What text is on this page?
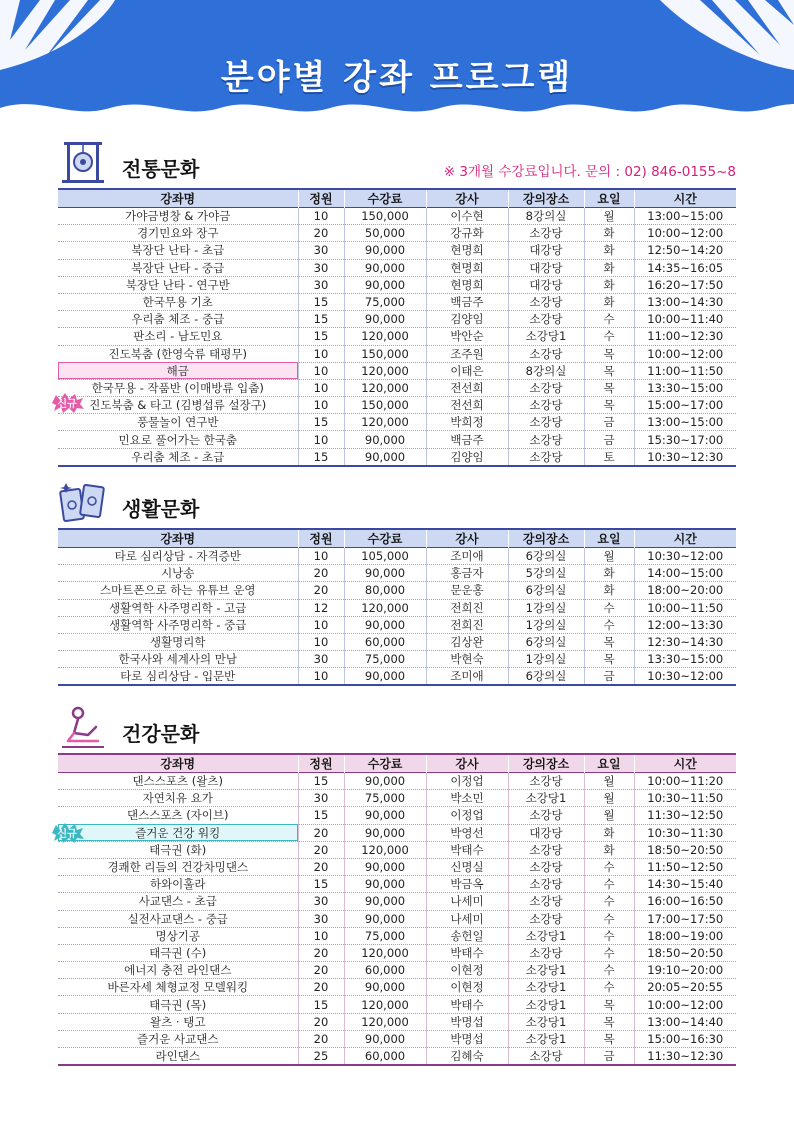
분야별 강좌 프로그램
전통문화	※ 3개월 수강료입니다. 문의 : 02) 846-0155~8
강좌명	정원	수강료	강사	강의장소	요일	시간
가야금병창 & 가야금	10	150,000	이수현	8강의실	월	13:00~15:00
경기민요와 장구	20	50,000	강규화	소강당	화	10:00~12:00
북장단 난타 - 초급	30	90,000	현명희	대강당	화	12:50~14:20
북장단 난타 - 중급	30	90,000	현명희	대강당	화	14:35~16:05
북장단 난타 - 연구반	30	90,000	현명희	대강당	화	16:20~17:50
한국무용 기초	15	75,000	백금주	소강당	화	13:00~14:30
우리춤 체조 - 중급	15	90,000	김양임	소강당	수	10:00~11:40
판소리 - 남도민요	15	120,000	박안순	소강당1	수	11:00~12:30
진도북춤 (한영숙류 태평무)	10	150,000	조주원	소강당	목	10:00~12:00
해금	10	120,000	이태은	8강의실	목	11:00~11:50
한국무용 - 작품반 (이매방류 입춤)	10	120,000	전선희	소강당	목	13:30~15:00
진도북춤 & 타고 (김병섭류 설장구)	10	150,000	전선희	소강당	목	15:00~17:00
풍물놀이 연구반	15	120,000	박희정	소강당	금	13:00~15:00
민요로 풀어가는 한국춤	10	90,000	백금주	소강당	금	15:30~17:00
우리춤 체조 - 초급	15	90,000	김양임	소강당	토	10:30~12:30
신규
생활문화
강좌명	정원	수강료	강사	강의장소	요일	시간
타로 심리상담 - 자격증반	10	105,000	조미애	6강의실	월	10:30~12:00
시낭송	20	90,000	홍금자	5강의실	화	14:00~15:00
스마트폰으로 하는 유튜브 운영	20	80,000	문운홍	6강의실	화	18:00~20:00
생활역학 사주명리학 - 고급	12	120,000	전희진	1강의실	수	10:00~11:50
생활역학 사주명리학 - 중급	10	90,000	전희진	1강의실	수	12:00~13:30
생활명리학	10	60,000	김상완	6강의실	목	12:30~14:30
한국사와 세계사의 만남	30	75,000	박현숙	1강의실	목	13:30~15:00
타로 심리상담 - 입문반	10	90,000	조미애	6강의실	금	10:30~12:00
건강문화
강좌명	정원	수강료	강사	강의장소	요일	시간
댄스스포츠 (왈츠)	15	90,000	이정업	소강당	월	10:00~11:20
자연치유 요가	30	75,000	박소민	소강당1	월	10:30~11:50
댄스스포츠 (자이브)	15	90,000	이정업	소강당	월	11:30~12:50
즐거운 건강 워킹	20	90,000	박영선	대강당	화	10:30~11:30
태극권 (화)	20	120,000	박태수	소강당	화	18:50~20:50
경쾌한 리듬의 건강차밍댄스	20	90,000	신명실	소강당	수	11:50~12:50
하와이훌라	15	90,000	박금옥	소강당	수	14:30~15:40
사교댄스 - 초급	30	90,000	나세미	소강당	수	16:00~16:50
실전사교댄스 - 중급	30	90,000	나세미	소강당	수	17:00~17:50
명상기공	10	75,000	송헌일	소강당1	수	18:00~19:00
태극권 (수)	20	120,000	박태수	소강당	수	18:50~20:50
에너지 충전 라인댄스	20	60,000	이현정	소강당1	수	19:10~20:00
바른자세 체형교정 모델워킹	20	90,000	이현정	소강당1	수	20:05~20:55
태극권 (목)	15	120,000	박태수	소강당1	목	10:00~12:00
왈츠 · 탱고	20	120,000	박명섭	소강당1	목	13:00~14:40
즐거운 사교댄스	20	90,000	박명섭	소강당1	목	15:00~16:30
라인댄스	25	60,000	김혜숙	소강당	금	11:30~12:30
신규
